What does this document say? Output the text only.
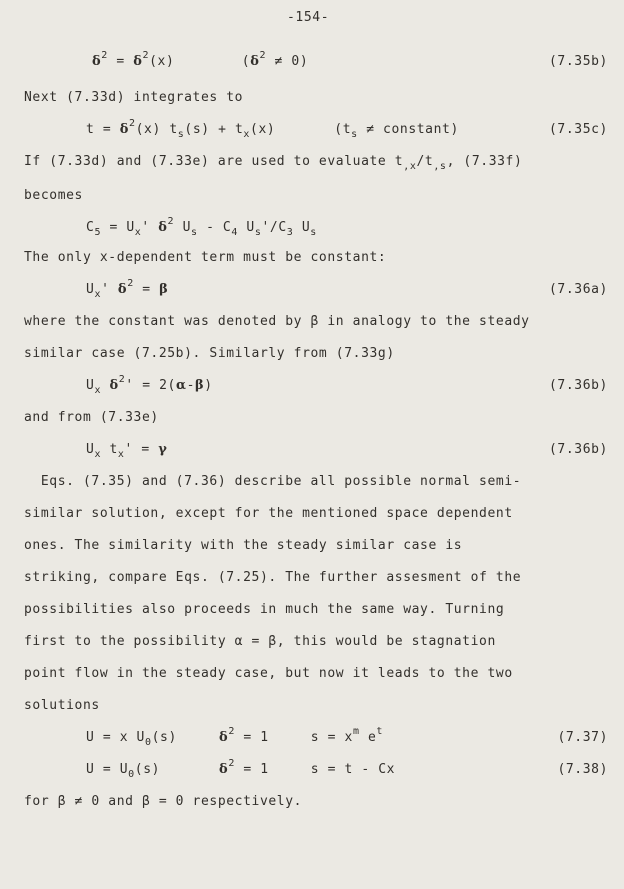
-154-
$\delta^2 = \delta^2(x)$        $(\delta^2 \ne 0)$	(7.35b)
Next (7.33d) integrates to
$t = \delta^2(x) t_s(s) + t_x(x)$       ($t_s$ ≠ constant)	(7.35c)
If (7.33d) and (7.33e) are used to evaluate $t_{,x}/t_{,s}$, (7.33f)
becomes
$C_5 = U_x'$ $\delta^2$ $U_s - C_4$ $U_s'/C_3$ $U_s$
The only x-dependent term must be constant:
$U_x'$ $\delta^2 = \beta$	(7.36a)
where the constant was denoted by β in analogy to the steady
similar case (7.25b). Similarly from (7.33g)
$U_x$ $\delta^2' = 2(\alpha-\beta)$	(7.36b)
and from (7.33e)
$U_x$ $t_x' = \gamma$	(7.36b)
Eqs. (7.35) and (7.36) describe all possible normal semi-
similar solution, except for the mentioned space dependent
ones. The similarity with the steady similar case is
striking, compare Eqs. (7.25). The further assesment of the
possibilities also proceeds in much the same way. Turning
first to the possibility α = β, this would be stagnation
point flow in the steady case, but now it leads to the two
solutions
U = x $U_0(s)$     $\delta^2 = 1$     $s = x^m$ $e^t$	(7.37)
$U = U_0(s)$       $\delta^2 = 1$     s = t - Cx	(7.38)
for β ≠ 0 and β = 0 respectively.
